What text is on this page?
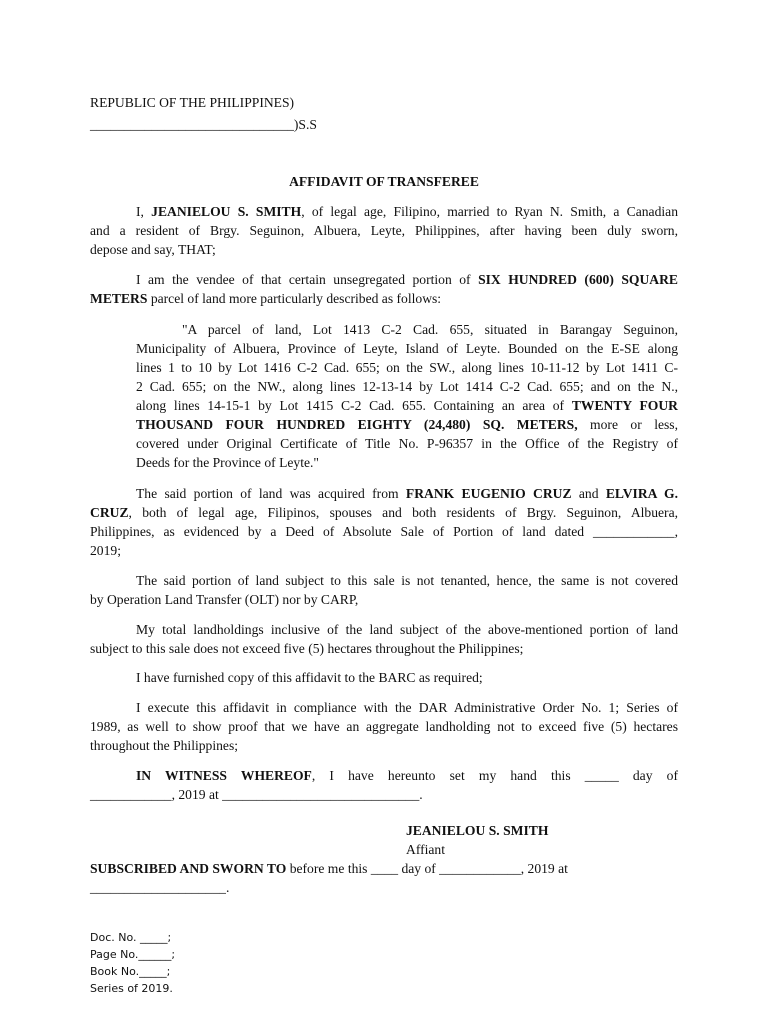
REPUBLIC OF THE PHILIPPINES)
______________________________)S.S
AFFIDAVIT OF TRANSFEREE
I, JEANIELOU S. SMITH, of legal age, Filipino, married to Ryan N. Smith, a Canadian
and a resident of Brgy. Seguinon, Albuera, Leyte, Philippines, after having been duly sworn,
depose and say, THAT;
I am the vendee of that certain unsegregated portion of SIX HUNDRED (600) SQUARE
METERS parcel of land more particularly described as follows:
"A parcel of land, Lot 1413 C-2 Cad. 655, situated in Barangay Seguinon,
Municipality of Albuera, Province of Leyte, Island of Leyte. Bounded on the E-SE along
lines 1 to 10 by Lot 1416 C-2 Cad. 655; on the SW., along lines 10-11-12 by Lot 1411 C-
2 Cad. 655; on the NW., along lines 12-13-14 by Lot 1414 C-2 Cad. 655; and on the N.,
along lines 14-15-1 by Lot 1415 C-2 Cad. 655. Containing an area of TWENTY FOUR
THOUSAND FOUR HUNDRED EIGHTY (24,480) SQ. METERS, more or less,
covered under Original Certificate of Title No. P-96357 in the Office of the Registry of
Deeds for the Province of Leyte."
The said portion of land was acquired from FRANK EUGENIO CRUZ and ELVIRA G.
CRUZ, both of legal age, Filipinos, spouses and both residents of Brgy. Seguinon, Albuera,
Philippines, as evidenced by a Deed of Absolute Sale of Portion of land dated ____________,
2019;
The said portion of land subject to this sale is not tenanted, hence, the same is not covered
by Operation Land Transfer (OLT) nor by CARP,
My total landholdings inclusive of the land subject of the above-mentioned portion of land
subject to this sale does not exceed five (5) hectares throughout the Philippines;
I have furnished copy of this affidavit to the BARC as required;
I execute this affidavit in compliance with the DAR Administrative Order No. 1; Series of
1989, as well to show proof that we have an aggregate landholding not to exceed five (5) hectares
throughout the Philippines;
IN WITNESS WHEREOF, I have hereunto set my hand this _____ day of
____________, 2019 at _____________________________.
JEANIELOU S. SMITH
Affiant
SUBSCRIBED AND SWORN TO before me this ____ day of ____________, 2019 at
____________________.
Doc. No. _____;
Page No.______;
Book No._____;
Series of 2019.
